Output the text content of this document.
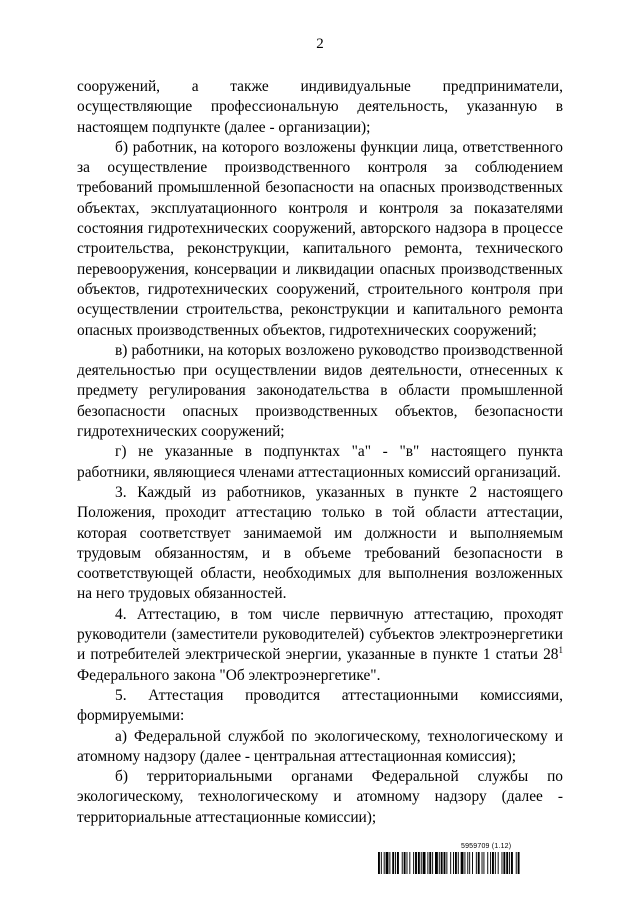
2

сооружений, а также индивидуальные предприниматели, осуществляющие профессиональную деятельность, указанную в настоящем подпункте (далее - организации);

б) работник, на которого возложены функции лица, ответственного за осуществление производственного контроля за соблюдением требований промышленной безопасности на опасных производственных объектах, эксплуатационного контроля и контроля за показателями состояния гидротехнических сооружений, авторского надзора в процессе строительства, реконструкции, капитального ремонта, технического перевооружения, консервации и ликвидации опасных производственных объектов, гидротехнических сооружений, строительного контроля при осуществлении строительства, реконструкции и капитального ремонта опасных производственных объектов, гидротехнических сооружений;

в) работники, на которых возложено руководство производственной деятельностью при осуществлении видов деятельности, отнесенных к предмету регулирования законодательства в области промышленной безопасности опасных производственных объектов, безопасности гидротехнических сооружений;

г) не указанные в подпунктах "а" - "в" настоящего пункта работники, являющиеся членами аттестационных комиссий организаций.

3. Каждый из работников, указанных в пункте 2 настоящего Положения, проходит аттестацию только в той области аттестации, которая соответствует занимаемой им должности и выполняемым трудовым обязанностям, и в объеме требований безопасности в соответствующей области, необходимых для выполнения возложенных на него трудовых обязанностей.

4. Аттестацию, в том числе первичную аттестацию, проходят руководители (заместители руководителей) субъектов электроэнергетики и потребителей электрической энергии, указанные в пункте 1 статьи $28^1$ Федерального закона "Об электроэнергетике".

5. Аттестация проводится аттестационными комиссиями, формируемыми:

а) Федеральной службой по экологическому, технологическому и атомному надзору (далее - центральная аттестационная комиссия);

б) территориальными органами Федеральной службы по экологическому, технологическому и атомному надзору (далее - территориальные аттестационные комиссии);

5959709 (1.12)
